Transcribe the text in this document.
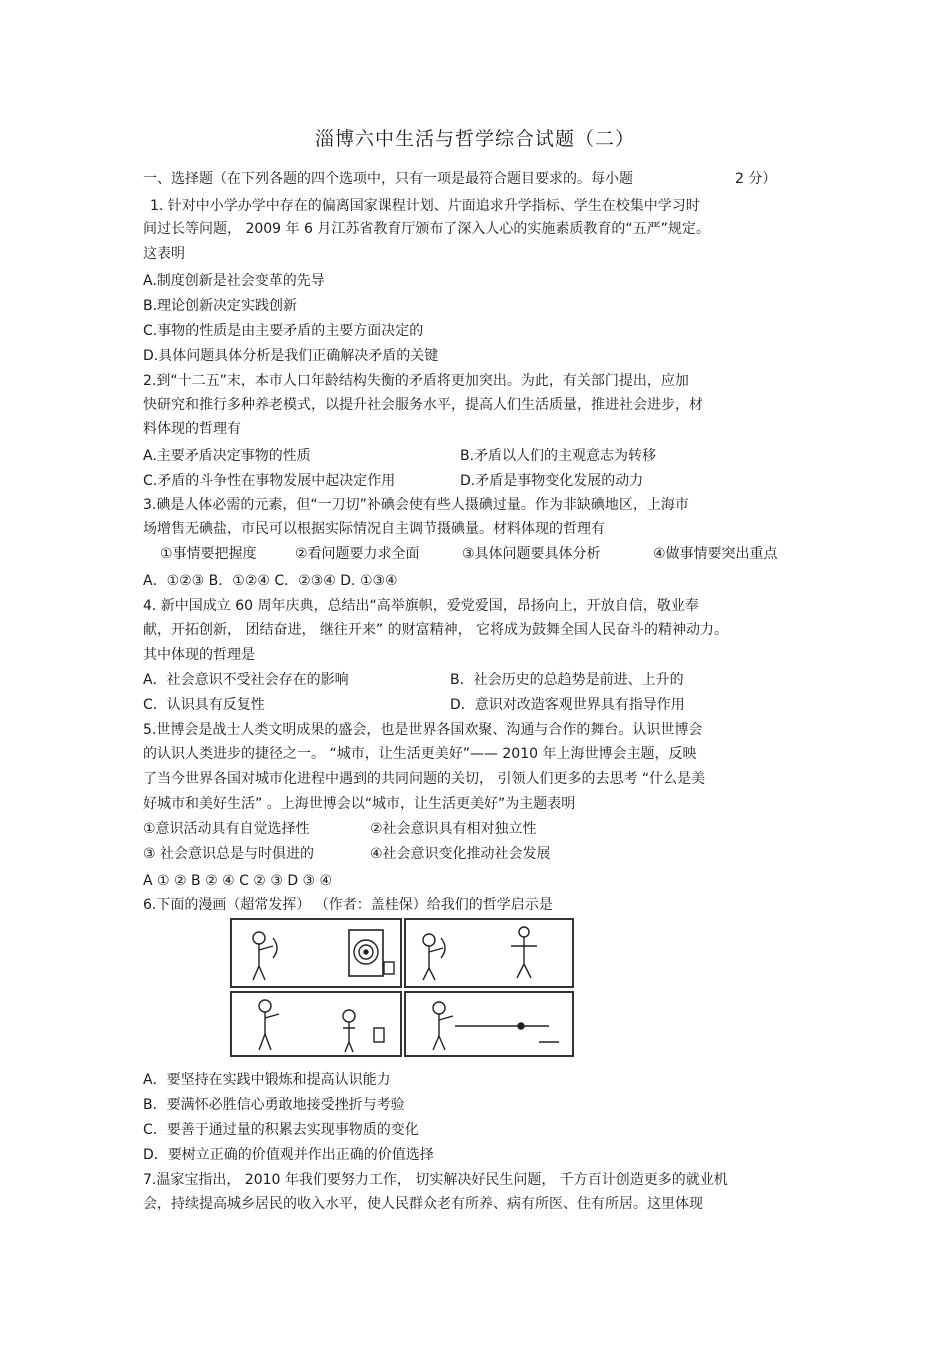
淄博六中生活与哲学综合试题（二）
一、选择题（在下列各题的四个选项中，只有一项是最符合题目要求的。每小题	2 分）
1. 针对中小学办学中存在的偏离国家课程计划、片面追求升学指标、学生在校集中学习时
间过长等问题， 2009 年 6 月江苏省教育厅颁布了深入人心的实施素质教育的“五严”规定。
这表明
A.制度创新是社会变革的先导
B.理论创新决定实践创新
C.事物的性质是由主要矛盾的主要方面决定的
D.具体问题具体分析是我们正确解决矛盾的关键
2.到“十二五”末，本市人口年龄结构失衡的矛盾将更加突出。为此，有关部门提出，应加
快研究和推行多种养老模式，以提升社会服务水平，提高人们生活质量，推进社会进步，材
料体现的哲理有
A.主要矛盾决定事物的性质	B.矛盾以人们的主观意志为转移
C.矛盾的斗争性在事物发展中起决定作用	D.矛盾是事物变化发展的动力
3.碘是人体必需的元素，但“一刀切”补碘会使有些人摄碘过量。作为非缺碘地区，上海市
场增售无碘盐，市民可以根据实际情况自主调节摄碘量。材料体现的哲理有
①事情要把握度	②看问题要力求全面	③具体问题要具体分析	④做事情要突出重点
A．①②③ B．①②④ C．②③④ D. ①③④
4. 新中国成立 60 周年庆典，总结出“高举旗帜，爱党爱国，昂扬向上，开放自信，敬业奉
献，开拓创新， 团结奋进， 继往开来” 的财富精神， 它将成为鼓舞全国人民奋斗的精神动力。
其中体现的哲理是
A．社会意识不受社会存在的影响	B．社会历史的总趋势是前进、上升的
C．认识具有反复性	D．意识对改造客观世界具有指导作用
5.世博会是战士人类文明成果的盛会，也是世界各国欢聚、沟通与合作的舞台。认识世博会
的认识人类进步的捷径之一。 “城市，让生活更美好”—— 2010 年上海世博会主题，反映
了当今世界各国对城市化进程中遇到的共同问题的关切， 引领人们更多的去思考 “什么是美
好城市和美好生活” 。上海世博会以“城市，让生活更美好”为主题表明
①意识活动具有自觉选择性	②社会意识具有相对独立性
③ 社会意识总是与时俱进的	④社会意识变化推动社会发展
A ① ② B ② ④ C ② ③ D ③ ④
6.下面的漫画（超常发挥） （作者：盖桂保）给我们的哲学启示是
A．要坚持在实践中锻炼和提高认识能力
B．要满怀必胜信心勇敢地接受挫折与考验
C．要善于通过量的积累去实现事物质的变化
D．要树立正确的价值观并作出正确的价值选择
7.温家宝指出， 2010 年我们要努力工作， 切实解决好民生问题， 千方百计创造更多的就业机
会，持续提高城乡居民的收入水平，使人民群众老有所养、病有所医、住有所居。这里体现
